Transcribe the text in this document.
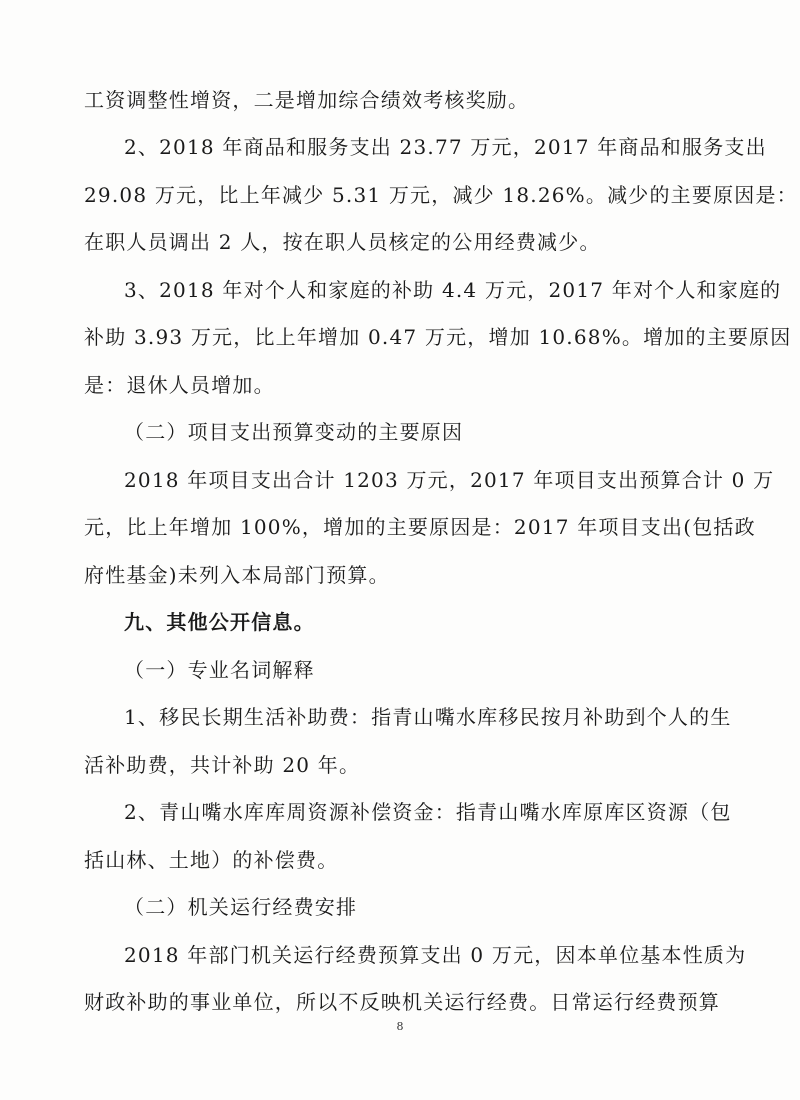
工资调整性增资，二是增加综合绩效考核奖励。
2、2018 年商品和服务支出 23.77 万元，2017 年商品和服务支出
29.08 万元，比上年减少 5.31 万元，减少 18.26%。减少的主要原因是：
在职人员调出 2 人，按在职人员核定的公用经费减少。
3、2018 年对个人和家庭的补助 4.4 万元，2017 年对个人和家庭的
补助 3.93 万元，比上年增加 0.47 万元，增加 10.68%。增加的主要原因
是：退休人员增加。
（二）项目支出预算变动的主要原因
2018 年项目支出合计 1203 万元，2017 年项目支出预算合计 0 万
元，比上年增加 100%，增加的主要原因是：2017 年项目支出(包括政
府性基金)未列入本局部门预算。
九、其他公开信息。
（一）专业名词解释
1、移民长期生活补助费：指青山嘴水库移民按月补助到个人的生
活补助费，共计补助 20 年。
2、青山嘴水库库周资源补偿资金：指青山嘴水库原库区资源（包
括山林、土地）的补偿费。
（二）机关运行经费安排
2018 年部门机关运行经费预算支出 0 万元，因本单位基本性质为
财政补助的事业单位，所以不反映机关运行经费。日常运行经费预算
8
